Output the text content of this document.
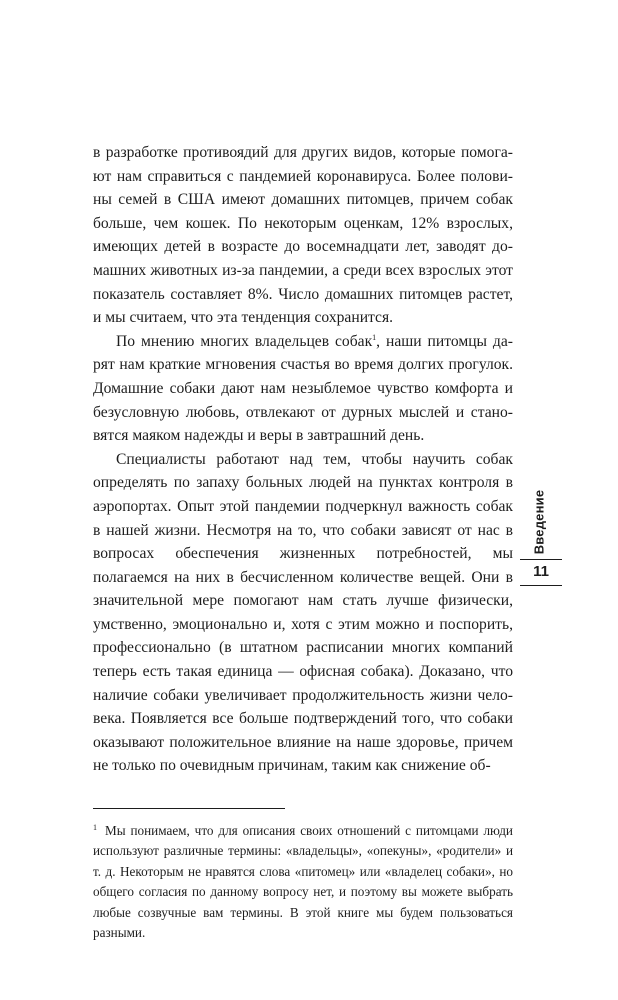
в разработке противоядий для других видов, которые помогают нам справиться с пандемией коронавируса. Более половины семей в США имеют домашних питомцев, причем собак больше, чем кошек. По некоторым оценкам, 12% взрослых, имеющих детей в возрасте до восемнадцати лет, заводят домашних животных из-за пандемии, а среди всех взрослых этот показатель составляет 8%. Число домашних питомцев растет, и мы считаем, что эта тенденция сохранится.

По мнению многих владельцев собак$^1$, наши питомцы дарят нам краткие мгновения счастья во время долгих прогулок. Домашние собаки дают нам незыблемое чувство комфорта и безусловную любовь, отвлекают от дурных мыслей и становятся маяком надежды и веры в завтрашний день.

Специалисты работают над тем, чтобы научить собак определять по запаху больных людей на пунктах контроля в аэропортах. Опыт этой пандемии подчеркнул важность собак в нашей жизни. Несмотря на то, что собаки зависят от нас в вопросах обеспечения жизненных потребностей, мы полагаемся на них в бесчисленном количестве вещей. Они в значительной мере помогают нам стать лучше физически, умственно, эмоционально и, хотя с этим можно и поспорить, профессионально (в штатном расписании многих компаний теперь есть такая единица — офисная собака). Доказано, что наличие собаки увеличивает продолжительность жизни человека. Появляется все больше подтверждений того, что собаки оказывают положительное влияние на наше здоровье, причем не только по очевидным причинам, таким как снижение об-

1 Мы понимаем, что для описания своих отношений с питомцами люди используют различные термины: «владельцы», «опекуны», «родители» и т. д. Некоторым не нравятся слова «питомец» или «владелец собаки», но общего согласия по данному вопросу нет, и поэтому вы можете выбрать любые созвучные вам термины. В этой книге мы будем пользоваться разными.

Введение
11
